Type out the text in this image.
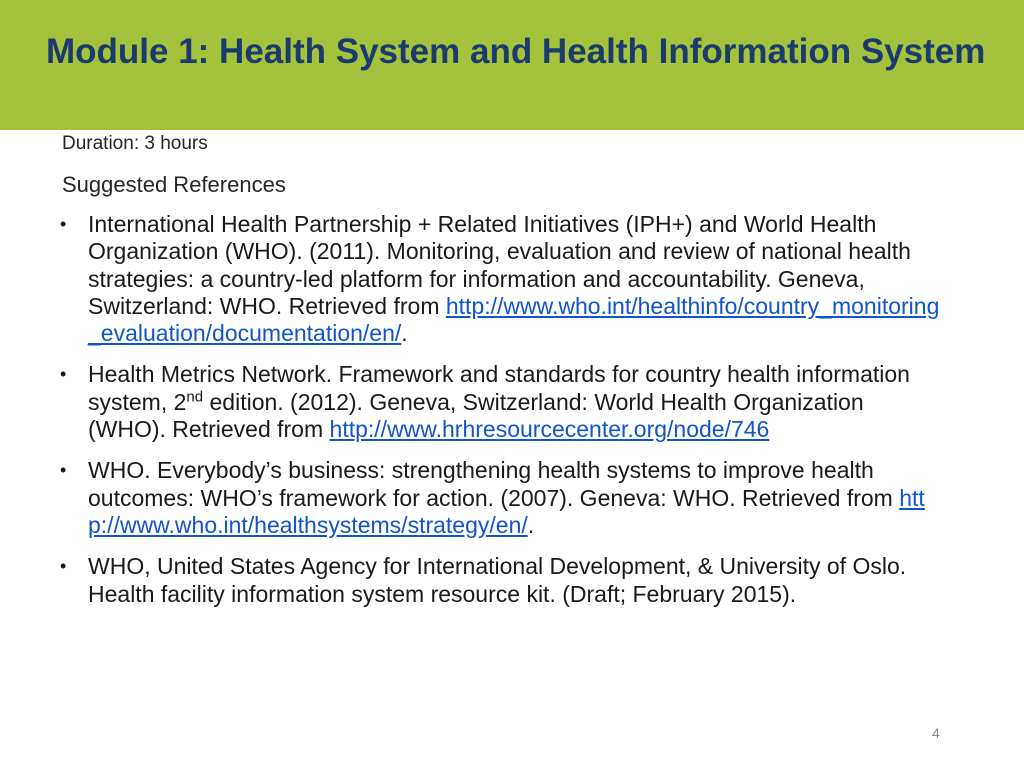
Module 1: Health System and Health Information System
Duration: 3 hours
Suggested References
• International Health Partnership + Related Initiatives (IPH+) and World Health Organization (WHO). (2011). Monitoring, evaluation and review of national health strategies: a country-led platform for information and accountability. Geneva, Switzerland: WHO. Retrieved from http://www.who.int/healthinfo/country_monitoring_evaluation/documentation/en/.
• Health Metrics Network. Framework and standards for country health information system, 2nd edition. (2012). Geneva, Switzerland: World Health Organization (WHO). Retrieved from http://www.hrhresourcecenter.org/node/746
• WHO. Everybody’s business: strengthening health systems to improve health outcomes: WHO’s framework for action. (2007). Geneva: WHO. Retrieved from http://www.who.int/healthsystems/strategy/en/.
• WHO, United States Agency for International Development, & University of Oslo. Health facility information system resource kit. (Draft; February 2015).
4
